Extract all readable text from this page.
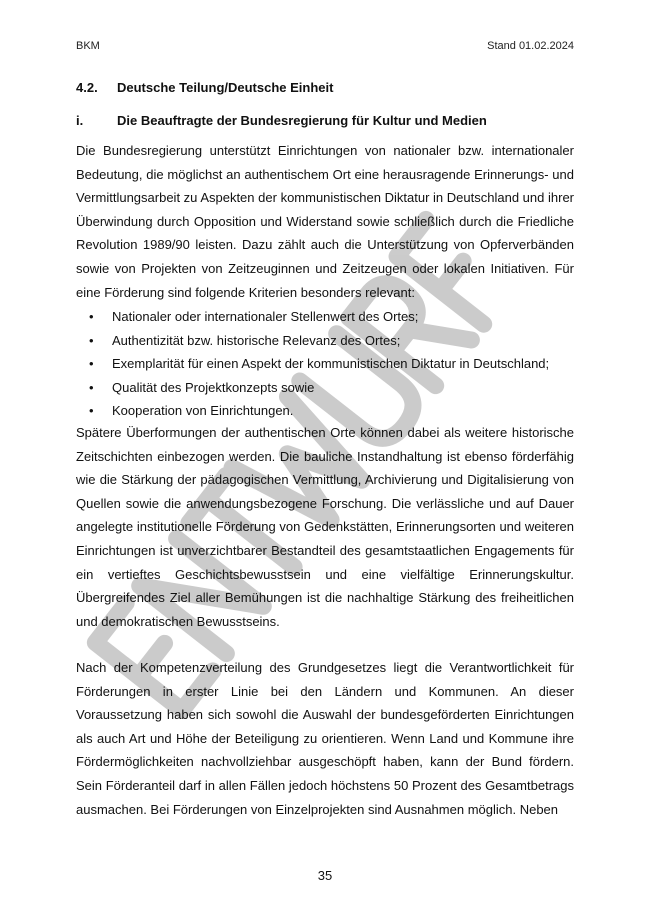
BKM	Stand 01.02.2024
4.2. Deutsche Teilung/Deutsche Einheit
i.	Die Beauftragte der Bundesregierung für Kultur und Medien

Die Bundesregierung unterstützt Einrichtungen von nationaler bzw. internationaler Bedeutung, die möglichst an authentischem Ort eine herausragende Erinnerungs- und Vermittlungsarbeit zu Aspekten der kommunistischen Diktatur in Deutschland und ihrer Überwindung durch Opposition und Widerstand sowie schließlich durch die Friedliche Revolution 1989/90 leisten. Dazu zählt auch die Unterstützung von Opferverbänden sowie von Projekten von Zeitzeuginnen und Zeitzeugen oder lokalen Initiativen. Für eine Förderung sind folgende Kriterien besonders relevant:

• Nationaler oder internationaler Stellenwert des Ortes;
• Authentizität bzw. historische Relevanz des Ortes;
• Exemplarität für einen Aspekt der kommunistischen Diktatur in Deutschland;
• Qualität des Projektkonzepts sowie
• Kooperation von Einrichtungen.

Spätere Überformungen der authentischen Orte können dabei als weitere historische Zeitschichten einbezogen werden. Die bauliche Instandhaltung ist ebenso förderfähig wie die Stärkung der pädagogischen Vermittlung, Archivierung und Digitalisierung von Quellen sowie die anwendungsbezogene Forschung. Die verlässliche und auf Dauer angelegte institutionelle Förderung von Gedenkstätten, Erinnerungsorten und weiteren Einrichtungen ist unverzichtbarer Bestandteil des gesamtstaatlichen Engagements für ein vertieftes Geschichtsbewusstsein und eine vielfältige Erinnerungskultur. Übergreifendes Ziel aller Bemühungen ist die nachhaltige Stärkung des freiheitlichen und demokratischen Bewusstseins.

Nach der Kompetenzverteilung des Grundgesetzes liegt die Verantwortlichkeit für Förderungen in erster Linie bei den Ländern und Kommunen. An dieser Voraussetzung haben sich sowohl die Auswahl der bundesgeförderten Einrichtungen als auch Art und Höhe der Beteiligung zu orientieren. Wenn Land und Kommune ihre Fördermöglichkeiten nachvollziehbar ausgeschöpft haben, kann der Bund fördern. Sein Förderanteil darf in allen Fällen jedoch höchstens 50 Prozent des Gesamtbetrags ausmachen. Bei Förderungen von Einzelprojekten sind Ausnahmen möglich. Neben

35
